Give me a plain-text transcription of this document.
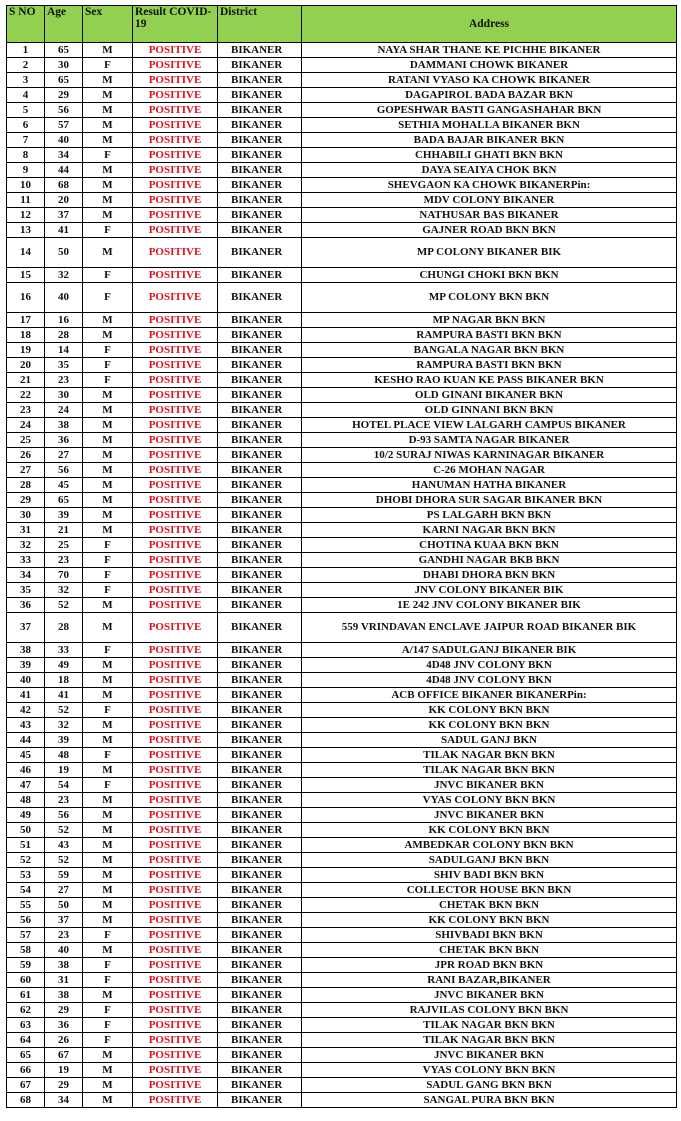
S NO	Age	Sex	Result COVID-19	District	Address
1	65	M	POSITIVE	BIKANER	NAYA SHAR THANE KE PICHHE BIKANER
2	30	F	POSITIVE	BIKANER	DAMMANI CHOWK BIKANER
3	65	M	POSITIVE	BIKANER	RATANI VYASO KA CHOWK BIKANER
4	29	M	POSITIVE	BIKANER	DAGAPIROL BADA BAZAR BKN
5	56	M	POSITIVE	BIKANER	GOPESHWAR BASTI GANGASHAHAR BKN
6	57	M	POSITIVE	BIKANER	SETHIA MOHALLA BIKANER BKN
7	40	M	POSITIVE	BIKANER	BADA BAJAR BIKANER BKN
8	34	F	POSITIVE	BIKANER	CHHABILI GHATI BKN BKN
9	44	M	POSITIVE	BIKANER	DAYA SEAIYA CHOK BKN
10	68	M	POSITIVE	BIKANER	SHEVGAON KA CHOWK BIKANERPin:
11	20	M	POSITIVE	BIKANER	MDV COLONY BIKANER
12	37	M	POSITIVE	BIKANER	NATHUSAR BAS BIKANER
13	41	F	POSITIVE	BIKANER	GAJNER ROAD BKN BKN
14	50	M	POSITIVE	BIKANER	MP COLONY BIKANER BIK
15	32	F	POSITIVE	BIKANER	CHUNGI CHOKI BKN BKN
16	40	F	POSITIVE	BIKANER	MP COLONY BKN BKN
17	16	M	POSITIVE	BIKANER	MP NAGAR BKN BKN
18	28	M	POSITIVE	BIKANER	RAMPURA BASTI BKN BKN
19	14	F	POSITIVE	BIKANER	BANGALA NAGAR BKN BKN
20	35	F	POSITIVE	BIKANER	RAMPURA BASTI BKN BKN
21	23	F	POSITIVE	BIKANER	KESHO RAO KUAN KE PASS BIKANER BKN
22	30	M	POSITIVE	BIKANER	OLD GINANI BIKANER BKN
23	24	M	POSITIVE	BIKANER	OLD GINNANI BKN BKN
24	38	M	POSITIVE	BIKANER	HOTEL PLACE VIEW LALGARH CAMPUS BIKANER
25	36	M	POSITIVE	BIKANER	D-93 SAMTA NAGAR BIKANER
26	27	M	POSITIVE	BIKANER	10/2 SURAJ NIWAS KARNINAGAR BIKANER
27	56	M	POSITIVE	BIKANER	C-26 MOHAN NAGAR
28	45	M	POSITIVE	BIKANER	HANUMAN HATHA BIKANER
29	65	M	POSITIVE	BIKANER	DHOBI DHORA SUR SAGAR BIKANER BKN
30	39	M	POSITIVE	BIKANER	PS LALGARH BKN BKN
31	21	M	POSITIVE	BIKANER	KARNI NAGAR BKN BKN
32	25	F	POSITIVE	BIKANER	CHOTINA KUAA BKN BKN
33	23	F	POSITIVE	BIKANER	GANDHI NAGAR BKB BKN
34	70	F	POSITIVE	BIKANER	DHABI DHORA BKN BKN
35	32	F	POSITIVE	BIKANER	JNV COLONY BIKANER BIK
36	52	M	POSITIVE	BIKANER	1E 242 JNV COLONY BIKANER BIK
37	28	M	POSITIVE	BIKANER	559 VRINDAVAN ENCLAVE JAIPUR ROAD BIKANER BIK
38	33	F	POSITIVE	BIKANER	A/147 SADULGANJ BIKANER BIK
39	49	M	POSITIVE	BIKANER	4D48 JNV COLONY BKN
40	18	M	POSITIVE	BIKANER	4D48 JNV COLONY BKN
41	41	M	POSITIVE	BIKANER	ACB OFFICE BIKANER BIKANERPin:
42	52	F	POSITIVE	BIKANER	KK COLONY BKN BKN
43	32	M	POSITIVE	BIKANER	KK COLONY BKN BKN
44	39	M	POSITIVE	BIKANER	SADUL GANJ BKN
45	48	F	POSITIVE	BIKANER	TILAK NAGAR BKN BKN
46	19	M	POSITIVE	BIKANER	TILAK NAGAR BKN BKN
47	54	F	POSITIVE	BIKANER	JNVC BIKANER BKN
48	23	M	POSITIVE	BIKANER	VYAS COLONY BKN BKN
49	56	M	POSITIVE	BIKANER	JNVC BIKANER BKN
50	52	M	POSITIVE	BIKANER	KK COLONY BKN BKN
51	43	M	POSITIVE	BIKANER	AMBEDKAR COLONY BKN BKN
52	52	M	POSITIVE	BIKANER	SADULGANJ BKN BKN
53	59	M	POSITIVE	BIKANER	SHIV BADI BKN BKN
54	27	M	POSITIVE	BIKANER	COLLECTOR HOUSE BKN BKN
55	50	M	POSITIVE	BIKANER	CHETAK BKN BKN
56	37	M	POSITIVE	BIKANER	KK COLONY BKN BKN
57	23	F	POSITIVE	BIKANER	SHIVBADI BKN BKN
58	40	M	POSITIVE	BIKANER	CHETAK BKN BKN
59	38	F	POSITIVE	BIKANER	JPR ROAD BKN BKN
60	31	F	POSITIVE	BIKANER	RANI BAZAR,BIKANER
61	38	M	POSITIVE	BIKANER	JNVC BIKANER BKN
62	29	F	POSITIVE	BIKANER	RAJVILAS COLONY BKN BKN
63	36	F	POSITIVE	BIKANER	TILAK NAGAR BKN BKN
64	26	F	POSITIVE	BIKANER	TILAK NAGAR BKN BKN
65	67	M	POSITIVE	BIKANER	JNVC BIKANER BKN
66	19	M	POSITIVE	BIKANER	VYAS COLONY BKN BKN
67	29	M	POSITIVE	BIKANER	SADUL GANG BKN BKN
68	34	M	POSITIVE	BIKANER	SANGAL PURA BKN BKN
